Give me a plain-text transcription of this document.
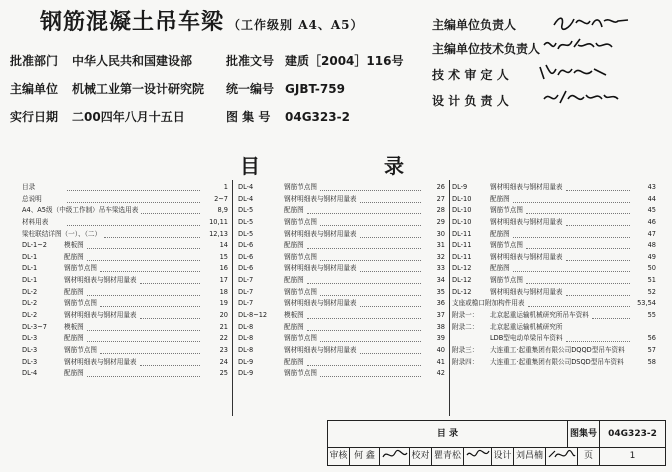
钢筋混凝土吊车梁 （工作级别 A4、A5）
批准部门 中华人民共和国建设部	批准文号 建质［2004］116号
主编单位 机械工业第一设计研究院 统一编号 GJBT-759
实行日期 二00四年八月十五日	图 集 号 04G323-2
主编单位负责人
主编单位技术负责人
技 术 审 定 人
设 计 负 责 人
目	录
目录	1
总说明	2~7
A4、A5级（中级工作制）吊车梁选用表	8,9
材料用表	10,11
梁柱联结详图（一）、（二）	12,13
DL-1~2	模板图	14
DL-1	配筋图	15
DL-1	钢筋节点图	16
DL-1	钢材明细表与钢材用量表	17
DL-2	配筋图	18
DL-2	钢筋节点图	19
DL-2	钢材明细表与钢材用量表	20
DL-3~7	模板图	21
DL-3	配筋图	22
DL-3	钢筋节点图	23
DL-3	钢材明细表与钢材用量表	24
DL-4	配筋图	25
DL-4	钢筋节点图	26
DL-4	钢材明细表与钢材用量表	27
DL-5	配筋图	28
DL-5	钢筋节点图	29
DL-5	钢材明细表与钢材用量表	30
DL-6	配筋图	31
DL-6	钢筋节点图	32
DL-6	钢材明细表与钢材用量表	33
DL-7	配筋图	34
DL-7	钢筋节点图	35
DL-7	钢材明细表与钢材用量表	36
DL-8~12	模板图	37
DL-8	配筋图	38
DL-8	钢筋节点图	39
DL-8	钢材明细表与钢材用量表	40
DL-9	配筋图	41
DL-9	钢筋节点图	42
DL-9	钢材明细表与钢材用量表	43
DL-10	配筋图	44
DL-10	钢筋节点图	45
DL-10	钢材明细表与钢材用量表	46
DL-11	配筋图	47
DL-11	钢筋节点图	48
DL-11	钢材明细表与钢材用量表	49
DL-12	配筋图	50
DL-12	钢筋节点图	51
DL-12	钢材明细表与钢材用量表	52
支座或檐口附加构件用表	53,54
附录一： 北京起重运输机械研究所吊车资料	55
附录二： 北京起重运输机械研究所
LDB型电动单梁吊车资料	56
附录三： 大连重工·起重集团有限公司DQQD型吊车资料	57
附录四： 大连重工·起重集团有限公司DSQD型吊车资料	58
目 录	图集号	04G323-2
审核 何 鑫	校对 瞿青松	设计 刘昌楠	页	1
